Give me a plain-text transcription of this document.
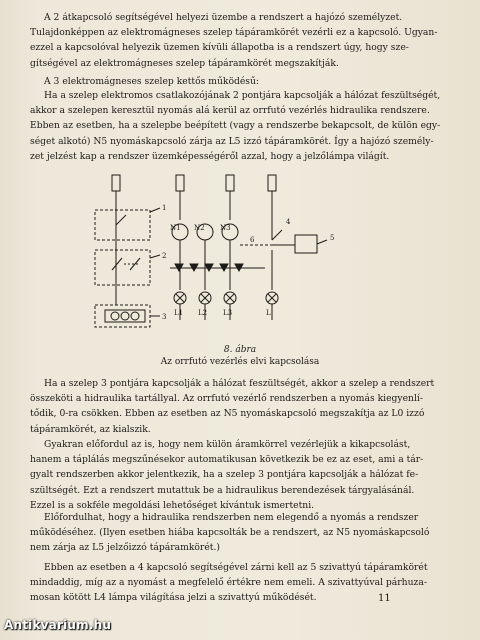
A 2 átkapcsoló segítségével helyezi üzembe a rendszert a hajózó személyzet.
Tulajdonképpen az elektromágneses szelep tápáramkörét vezérli ez a kapcsoló. Ugyan-
ezzel a kapcsolóval helyezik üzemen kívüli állapotba is a rendszert úgy, hogy sze-
gítségével az elektromágneses szelep tápáramkörét megszakítják.
A 3 elektromágneses szelep kettős működésű:
Ha a szelep elektromos csatlakozójának 2 pontjára kapcsolják a hálózat feszültségét,
akkor a szelepen keresztül nyomás alá kerül az orrfutó vezérlés hidraulika rendszere.
Ebben az esetben, ha a szelepbe beépített (vagy a rendszerbe bekapcsolt, de külön egy-
séget alkotó) N5 nyomáskapcsoló zárja az L5 izzó tápáramkörét. Így a hajózó személy-
zet jelzést kap a rendszer üzemképességéről azzal, hogy a jelzőlámpa világít.
Ha a szelep 3 pontjára kapcsolják a hálózat feszültségét, akkor a szelep a rendszert
összeköti a hidraulika tartállyal. Az orrfutó vezérlő rendszerben a nyomás kiegyenlí-
tődik, 0-ra csökken. Ebben az esetben az N5 nyomáskapcsoló megszakítja az L0 izzó
tápáramkörét, az kialszik.
Gyakran előfordul az is, hogy nem külön áramkörrel vezérlejük a kikapcsolást,
hanem a táplálás megszűnésekor automatikusan következik be ez az eset, ami a tár-
gyalt rendszerben akkor jelentkezik, ha a szelep 3 pontjára kapcsolják a hálózat fe-
szültségét. Ezt a rendszert mutattuk be a hidraulikus berendezések tárgyalásánál.
Ezzel is a sokféle megoldási lehetőséget kívántuk ismertetni.
Előfordulhat, hogy a hidraulika rendszerben nem elegendő a nyomás a rendszer
működéséhez. (Ilyen esetben hiába kapcsolták be a rendszert, az N5 nyomáskapcsoló
nem zárja az L5 jelzőizzó tápáramkörét.)
Ebben az esetben a 4 kapcsoló segítségével zárni kell az 5 szivattyú tápáramkörét
mindaddig, míg az a nyomást a megfelelő értékre nem emeli. A szivattyúval párhuza-
mosan kötött L4 lámpa világítása jelzi a szivattyú működését.
1
2
3
4
5
6
N1 N2 N3
L1 L2 L3	L
8. ábra
Az orrfutó vezérlés elvi kapcsolása
11
Antikvarium.hu
